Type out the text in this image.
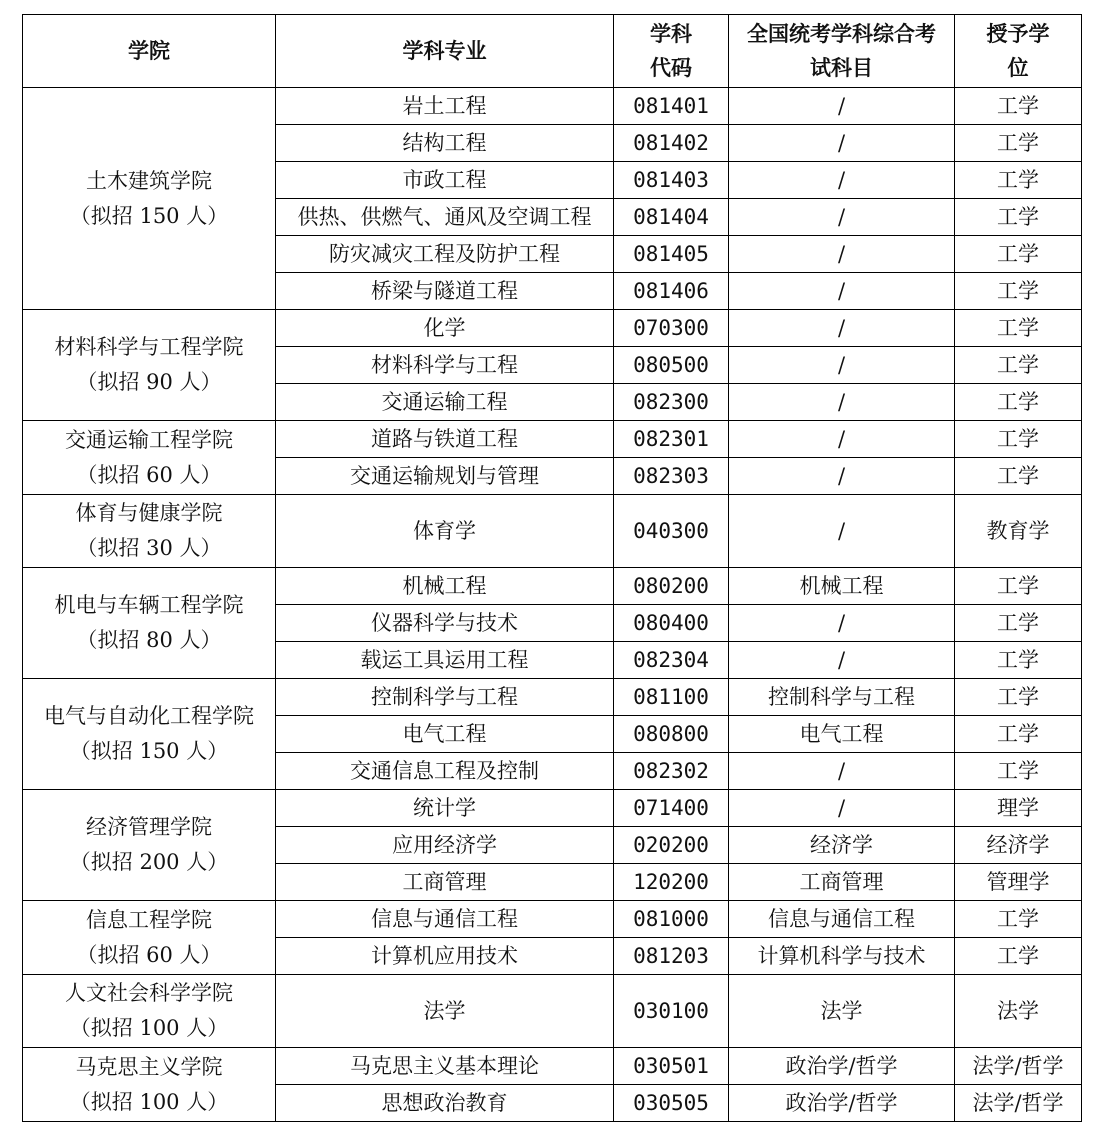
学院	学科专业	学科代码	全国统考学科综合考试科目	授予学位

土木建筑学院
（拟招 150 人）	岩土工程	081401	/	工学
	结构工程	081402	/	工学
	市政工程	081403	/	工学
	供热、供燃气、通风及空调工程	081404	/	工学
	防灾减灾工程及防护工程	081405	/	工学
	桥梁与隧道工程	081406	/	工学

材料科学与工程学院
（拟招 90 人）	化学	070300	/	工学
	材料科学与工程	080500	/	工学
	交通运输工程	082300	/	工学

交通运输工程学院
（拟招 60 人）	道路与铁道工程	082301	/	工学
	交通运输规划与管理	082303	/	工学

体育与健康学院
（拟招 30 人）	体育学	040300	/	教育学

机电与车辆工程学院
（拟招 80 人）	机械工程	080200	机械工程	工学
	仪器科学与技术	080400	/	工学
	载运工具运用工程	082304	/	工学

电气与自动化工程学院
（拟招 150 人）	控制科学与工程	081100	控制科学与工程	工学
	电气工程	080800	电气工程	工学
	交通信息工程及控制	082302	/	工学

经济管理学院
（拟招 200 人）	统计学	071400	/	理学
	应用经济学	020200	经济学	经济学
	工商管理	120200	工商管理	管理学

信息工程学院
（拟招 60 人）	信息与通信工程	081000	信息与通信工程	工学
	计算机应用技术	081203	计算机科学与技术	工学

人文社会科学学院
（拟招 100 人）	法学	030100	法学	法学

马克思主义学院
（拟招 100 人）	马克思主义基本理论	030501	政治学/哲学	法学/哲学
	思想政治教育	030505	政治学/哲学	法学/哲学
